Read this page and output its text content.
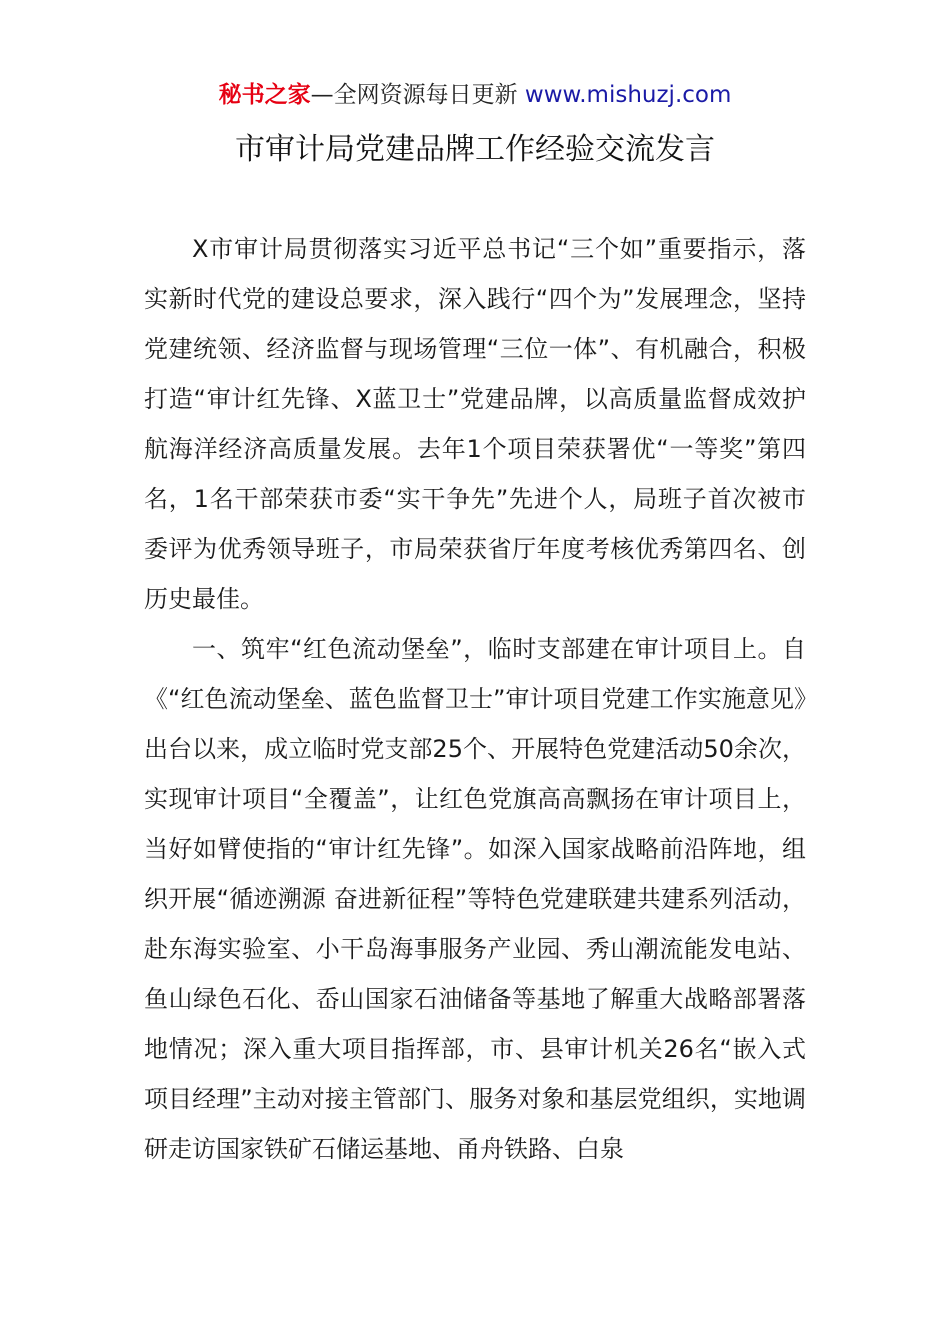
秘书之家—全网资源每日更新 www.mishuzj.com
市审计局党建品牌工作经验交流发言

X市审计局贯彻落实习近平总书记“三个如”重要指示，落实新时代党的建设总要求，深入践行“四个为”发展理念，坚持党建统领、经济监督与现场管理“三位一体”、有机融合，积极打造“审计红先锋、X蓝卫士”党建品牌，以高质量监督成效护航海洋经济高质量发展。去年1个项目荣获署优“一等奖”第四名，1名干部荣获市委“实干争先”先进个人，局班子首次被市委评为优秀领导班子，市局荣获省厅年度考核优秀第四名、创历史最佳。

一、筑牢“红色流动堡垒”，临时支部建在审计项目上。自《“红色流动堡垒、蓝色监督卫士”审计项目党建工作实施意见》出台以来，成立临时党支部25个、开展特色党建活动50余次，实现审计项目“全覆盖”，让红色党旗高高飘扬在审计项目上，当好如臂使指的“审计红先锋”。如深入国家战略前沿阵地，组织开展“循迹溯源 奋进新征程”等特色党建联建共建系列活动，赴东海实验室、小干岛海事服务产业园、秀山潮流能发电站、鱼山绿色石化、岙山国家石油储备等基地了解重大战略部署落地情况；深入重大项目指挥部，市、县审计机关26名“嵌入式项目经理”主动对接主管部门、服务对象和基层党组织，实地调研走访国家铁矿石储运基地、甬舟铁路、白泉
